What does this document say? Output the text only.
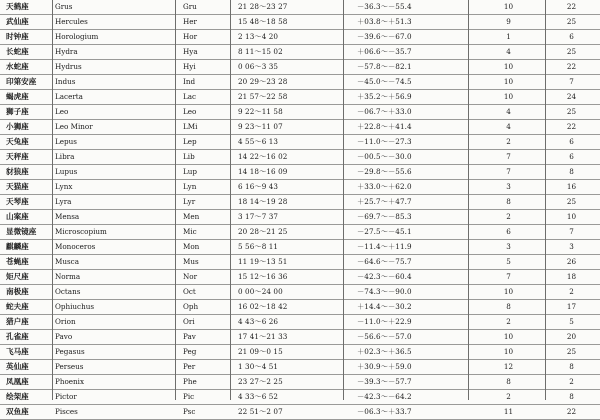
天鹤座	Grus	Gru	21 28～23 27	－36.3～－55.4	10	22
武仙座	Hercules	Her	15 48～18 58	＋03.8～＋51.3	9	25
时钟座	Horologium	Hor	2 13～4 20	－39.6～－67.0	1	6
长蛇座	Hydra	Hya	8 11～15 02	＋06.6～－35.7	4	25
水蛇座	Hydrus	Hyi	0 06～3 35	－57.8～－82.1	10	22
印第安座	Indus	Ind	20 29～23 28	－45.0～－74.5	10	7
蝎虎座	Lacerta	Lac	21 57～22 58	＋35.2～＋56.9	10	24
狮子座	Leo	Leo	9 22～11 58	－06.7～＋33.0	4	25
小狮座	Leo Minor	LMi	9 23～11 07	＋22.8～＋41.4	4	22
天兔座	Lepus	Lep	4 55～6 13	－11.0～－27.3	2	6
天秤座	Libra	Lib	14 22～16 02	－00.5～－30.0	7	6
豺狼座	Lupus	Lup	14 18～16 09	－29.8～－55.6	7	8
天猫座	Lynx	Lyn	6 16～9 43	＋33.0～＋62.0	3	16
天琴座	Lyra	Lyr	18 14～19 28	＋25.7～＋47.7	8	25
山案座	Mensa	Men	3 17～7 37	－69.7～－85.3	2	10
显微镜座	Microscopium	Mic	20 28～21 25	－27.5～－45.1	6	7
麒麟座	Monoceros	Mon	5 56～8 11	－11.4～＋11.9	3	3
苍蝇座	Musca	Mus	11 19～13 51	－64.6～－75.7	5	26
矩尺座	Norma	Nor	15 12～16 36	－42.3～－60.4	7	18
南极座	Octans	Oct	0 00～24 00	－74.3～－90.0	10	2
蛇夫座	Ophiuchus	Oph	16 02～18 42	＋14.4～－30.2	8	17
猎户座	Orion	Ori	4 43～6 26	－11.0～＋22.9	2	5
孔雀座	Pavo	Pav	17 41～21 33	－56.6～－57.0	10	20
飞马座	Pegasus	Peg	21 09～0 15	＋02.3～＋36.5	10	25
英仙座	Perseus	Per	1 30～4 51	＋30.9～＋59.0	12	8
凤凰座	Phoenix	Phe	23 27～2 25	－39.3～－57.7	8	2
绘架座	Pictor	Pic	4 33～6 52	－42.3～－64.2	2	8
双鱼座	Pisces	Psc	22 51～2 07	－06.3～＋33.7	11	22
